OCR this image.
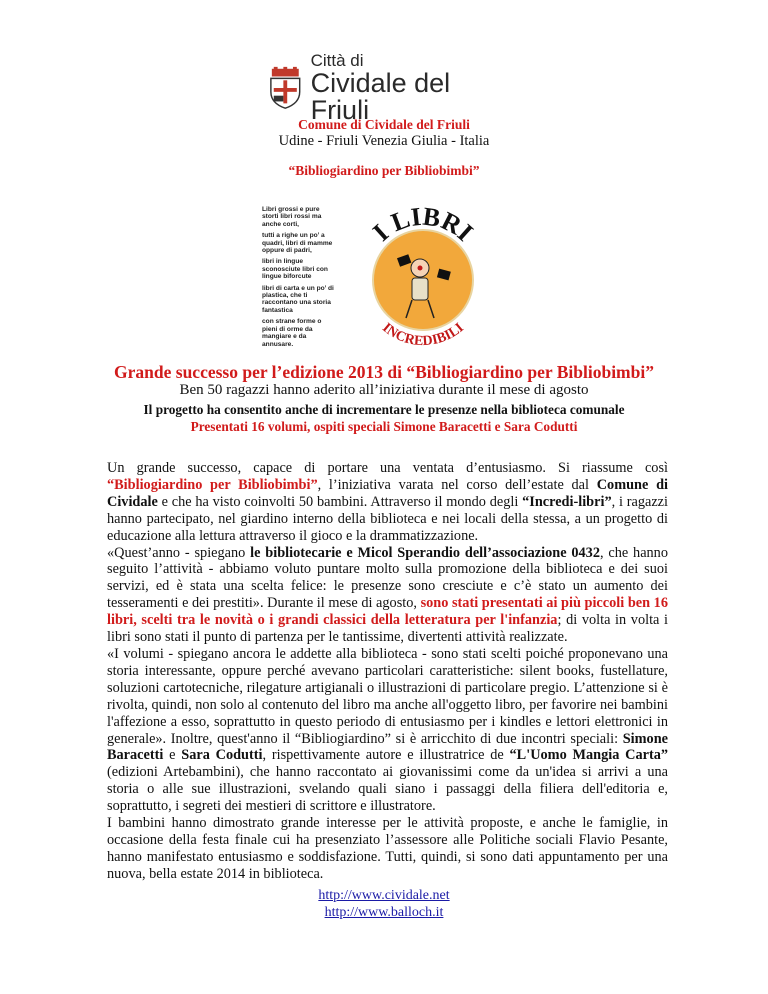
Città di
Cividale del Friuli
Comune di Cividale del Friuli
Udine - Friuli Venezia Giulia - Italia
“Bibliogiardino per Bibliobimbi”

Libri grossi e pure storti libri rossi ma anche corti,

tutti a righe un po’ a quadri, libri di mamme oppure di padri,

libri in lingue sconosciute libri con lingue biforcute

libri di carta e un po’ di plastica, che ti raccontano una storia fantastica

con strane forme o pieni di orme da mangiare e da annusare.

I LIBRI
INCREDIBILI
Grande successo per l’edizione 2013 di “Bibliogiardino per Bibliobimbi”
Ben 50 ragazzi hanno aderito all’iniziativa durante il mese di agosto
Il progetto ha consentito anche di incrementare le presenze nella biblioteca comunale
Presentati 16 volumi, ospiti speciali Simone Baracetti e Sara Codutti

Un grande successo, capace di portare una ventata d’entusiasmo. Si riassume così “Bibliogiardino per Bibliobimbi”, l’iniziativa varata nel corso dell’estate dal Comune di Cividale e che ha visto coinvolti 50 bambini. Attraverso il mondo degli “Incredi-libri”, i ragazzi hanno partecipato, nel giardino interno della biblioteca e nei locali della stessa, a un progetto di educazione alla lettura attraverso il gioco e la drammatizzazione.

«Quest’anno - spiegano le bibliotecarie e Micol Sperandio dell’associazione 0432, che hanno seguito l’attività - abbiamo voluto puntare molto sulla promozione della biblioteca e dei suoi servizi, ed è stata una scelta felice: le presenze sono cresciute e c’è stato un aumento dei tesseramenti e dei prestiti». Durante il mese di agosto, sono stati presentati ai più piccoli ben 16 libri, scelti tra le novità o i grandi classici della letteratura per l'infanzia; di volta in volta i libri sono stati il punto di partenza per le tantissime, divertenti attività realizzate.

«I volumi - spiegano ancora le addette alla biblioteca - sono stati scelti poiché proponevano una storia interessante, oppure perché avevano particolari caratteristiche: silent books, fustellature, soluzioni cartotecniche, rilegature artigianali o illustrazioni di particolare pregio. L’attenzione si è rivolta, quindi, non solo al contenuto del libro ma anche all'oggetto libro, per favorire nei bambini l'affezione a esso, soprattutto in questo periodo di entusiasmo per i kindles e lettori elettronici in generale». Inoltre, quest'anno il “Bibliogiardino” si è arricchito di due incontri speciali: Simone Baracetti e Sara Codutti, rispettivamente autore e illustratrice de “L'Uomo Mangia Carta” (edizioni Artebambini), che hanno raccontato ai giovanissimi come da un'idea si arrivi a una storia o alle sue illustrazioni, svelando quali siano i passaggi della filiera dell'editoria e, soprattutto, i segreti dei mestieri di scrittore e illustratore.

I bambini hanno dimostrato grande interesse per le attività proposte, e anche le famiglie, in occasione della festa finale cui ha presenziato l’assessore alle Politiche sociali Flavio Pesante, hanno manifestato entusiasmo e soddisfazione. Tutti, quindi, si sono dati appuntamento per una nuova, bella estate 2014 in biblioteca.

http://www.cividale.net
http://www.balloch.it
